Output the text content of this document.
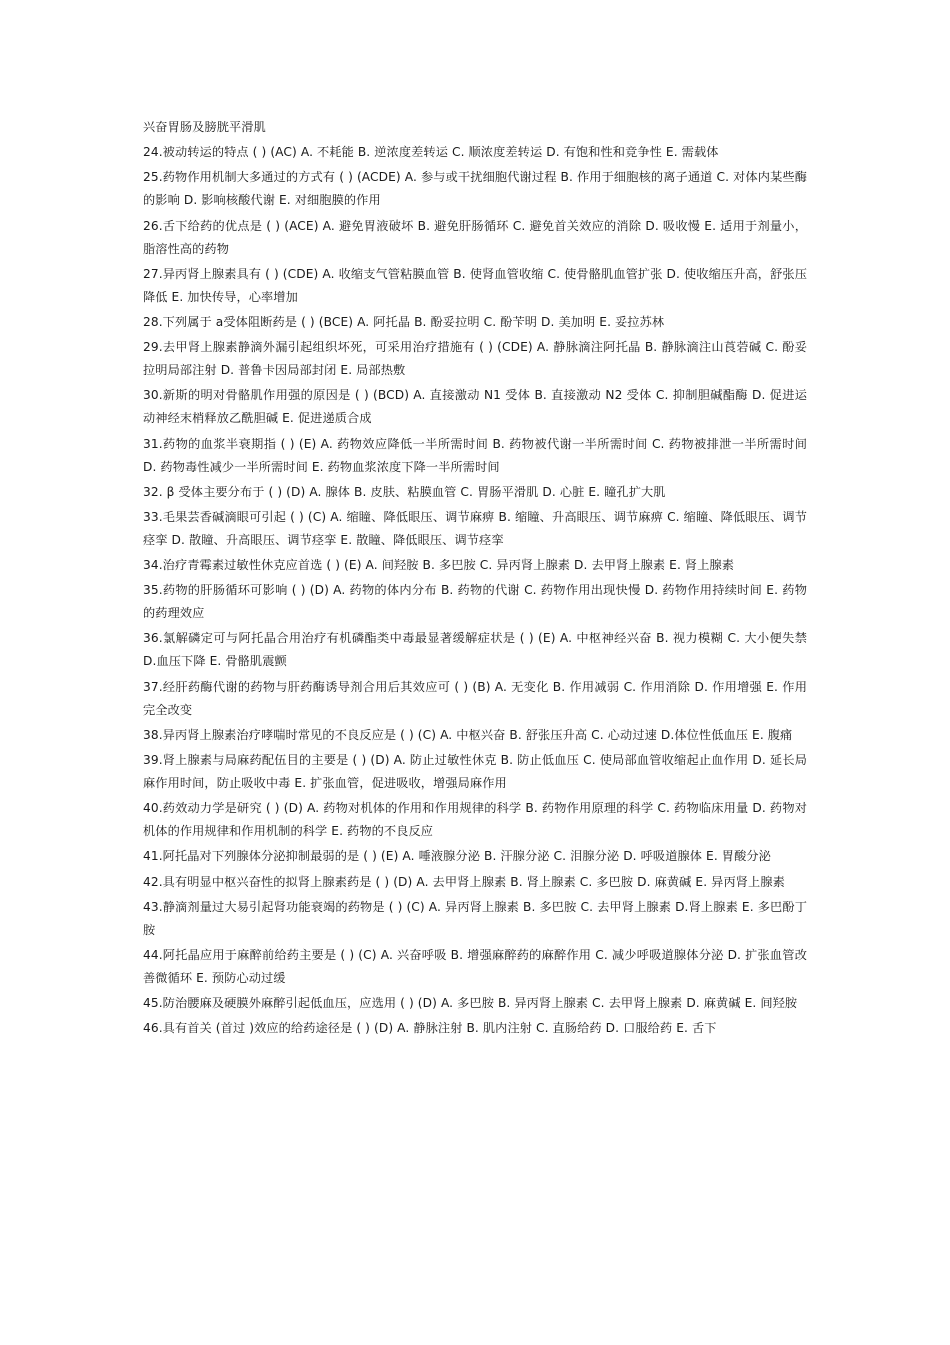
兴奋胃肠及膀胱平滑肌

24.被动转运的特点 ( ) (AC) A. 不耗能 B. 逆浓度差转运 C. 顺浓度差转运 D. 有饱和性和竞争性 E. 需载体

25.药物作用机制大多通过的方式有 ( ) (ACDE) A. 参与或干扰细胞代谢过程 B. 作用于细胞核的离子通道 C. 对体内某些酶的影响 D. 影响核酸代谢 E. 对细胞膜的作用

26.舌下给药的优点是 ( ) (ACE) A. 避免胃液破坏 B. 避免肝肠循环 C. 避免首关效应的消除 D. 吸收慢 E. 适用于剂量小，脂溶性高的药物

27.异丙肾上腺素具有 ( ) (CDE) A. 收缩支气管粘膜血管 B. 使肾血管收缩 C. 使骨骼肌血管扩张 D. 使收缩压升高，舒张压降低 E. 加快传导，心率增加

28.下列属于 a受体阻断药是 ( ) (BCE) A. 阿托晶 B. 酚妥拉明 C. 酚苄明 D. 美加明 E. 妥拉苏林

29.去甲肾上腺素静滴外漏引起组织坏死，可采用治疗措施有 ( ) (CDE) A. 静脉滴注阿托晶 B. 静脉滴注山莨菪碱 C. 酚妥拉明局部注射 D. 普鲁卡因局部封闭 E. 局部热敷

30.新斯的明对骨骼肌作用强的原因是 ( ) (BCD) A. 直接激动 N1 受体 B. 直接激动 N2 受体 C. 抑制胆碱酯酶 D. 促进运动神经末梢释放乙酰胆碱 E. 促进递质合成

31.药物的血浆半衰期指 ( ) (E) A. 药物效应降低一半所需时间 B. 药物被代谢一半所需时间 C. 药物被排泄一半所需时间 D. 药物毒性减少一半所需时间 E. 药物血浆浓度下降一半所需时间

32. β 受体主要分布于 ( ) (D) A. 腺体 B. 皮肤、粘膜血管 C. 胃肠平滑肌 D. 心脏 E. 瞳孔扩大肌

33.毛果芸香碱滴眼可引起 ( ) (C) A. 缩瞳、降低眼压、调节麻痹 B. 缩瞳、升高眼压、调节麻痹 C. 缩瞳、降低眼压、调节痉挛 D. 散瞳、升高眼压、调节痉挛 E. 散瞳、降低眼压、调节痉挛

34.治疗青霉素过敏性休克应首选 ( ) (E) A. 间羟胺 B. 多巴胺 C. 异丙肾上腺素 D. 去甲肾上腺素 E. 肾上腺素

35.药物的肝肠循环可影响 ( ) (D) A. 药物的体内分布 B. 药物的代谢 C. 药物作用出现快慢 D. 药物作用持续时间 E. 药物的药理效应

36.氯解磷定可与阿托晶合用治疗有机磷酯类中毒最显著缓解症状是 ( ) (E) A. 中枢神经兴奋 B. 视力模糊 C. 大小便失禁 D.血压下降 E. 骨骼肌震颤

37.经肝药酶代谢的药物与肝药酶诱导剂合用后其效应可 ( ) (B) A. 无变化 B. 作用减弱 C. 作用消除 D. 作用增强 E. 作用完全改变

38.异丙肾上腺素治疗哮喘时常见的不良反应是 ( ) (C) A. 中枢兴奋 B. 舒张压升高 C. 心动过速 D.体位性低血压 E. 腹痛

39.肾上腺素与局麻药配伍目的主要是 ( ) (D) A. 防止过敏性休克 B. 防止低血压 C. 使局部血管收缩起止血作用 D. 延长局麻作用时间，防止吸收中毒 E. 扩张血管，促进吸收，增强局麻作用

40.药效动力学是研究 ( ) (D) A. 药物对机体的作用和作用规律的科学 B. 药物作用原理的科学 C. 药物临床用量 D. 药物对机体的作用规律和作用机制的科学 E. 药物的不良反应

41.阿托晶对下列腺体分泌抑制最弱的是 ( ) (E) A. 唾液腺分泌 B. 汗腺分泌 C. 泪腺分泌 D. 呼吸道腺体 E. 胃酸分泌

42.具有明显中枢兴奋性的拟肾上腺素药是 ( ) (D) A. 去甲肾上腺素 B. 肾上腺素 C. 多巴胺 D. 麻黄碱 E. 异丙肾上腺素

43.静滴剂量过大易引起肾功能衰竭的药物是 ( ) (C) A. 异丙肾上腺素 B. 多巴胺 C. 去甲肾上腺素 D.肾上腺素 E. 多巴酚丁胺

44.阿托晶应用于麻醉前给药主要是 ( ) (C) A. 兴奋呼吸 B. 增强麻醉药的麻醉作用 C. 减少呼吸道腺体分泌 D. 扩张血管改善微循环 E. 预防心动过缓

45.防治腰麻及硬膜外麻醉引起低血压，应选用 ( ) (D) A. 多巴胺 B. 异丙肾上腺素 C. 去甲肾上腺素 D. 麻黄碱 E. 间羟胺

46.具有首关 (首过 )效应的给药途径是 ( ) (D) A. 静脉注射 B. 肌内注射 C. 直肠给药 D. 口服给药 E. 舌下
